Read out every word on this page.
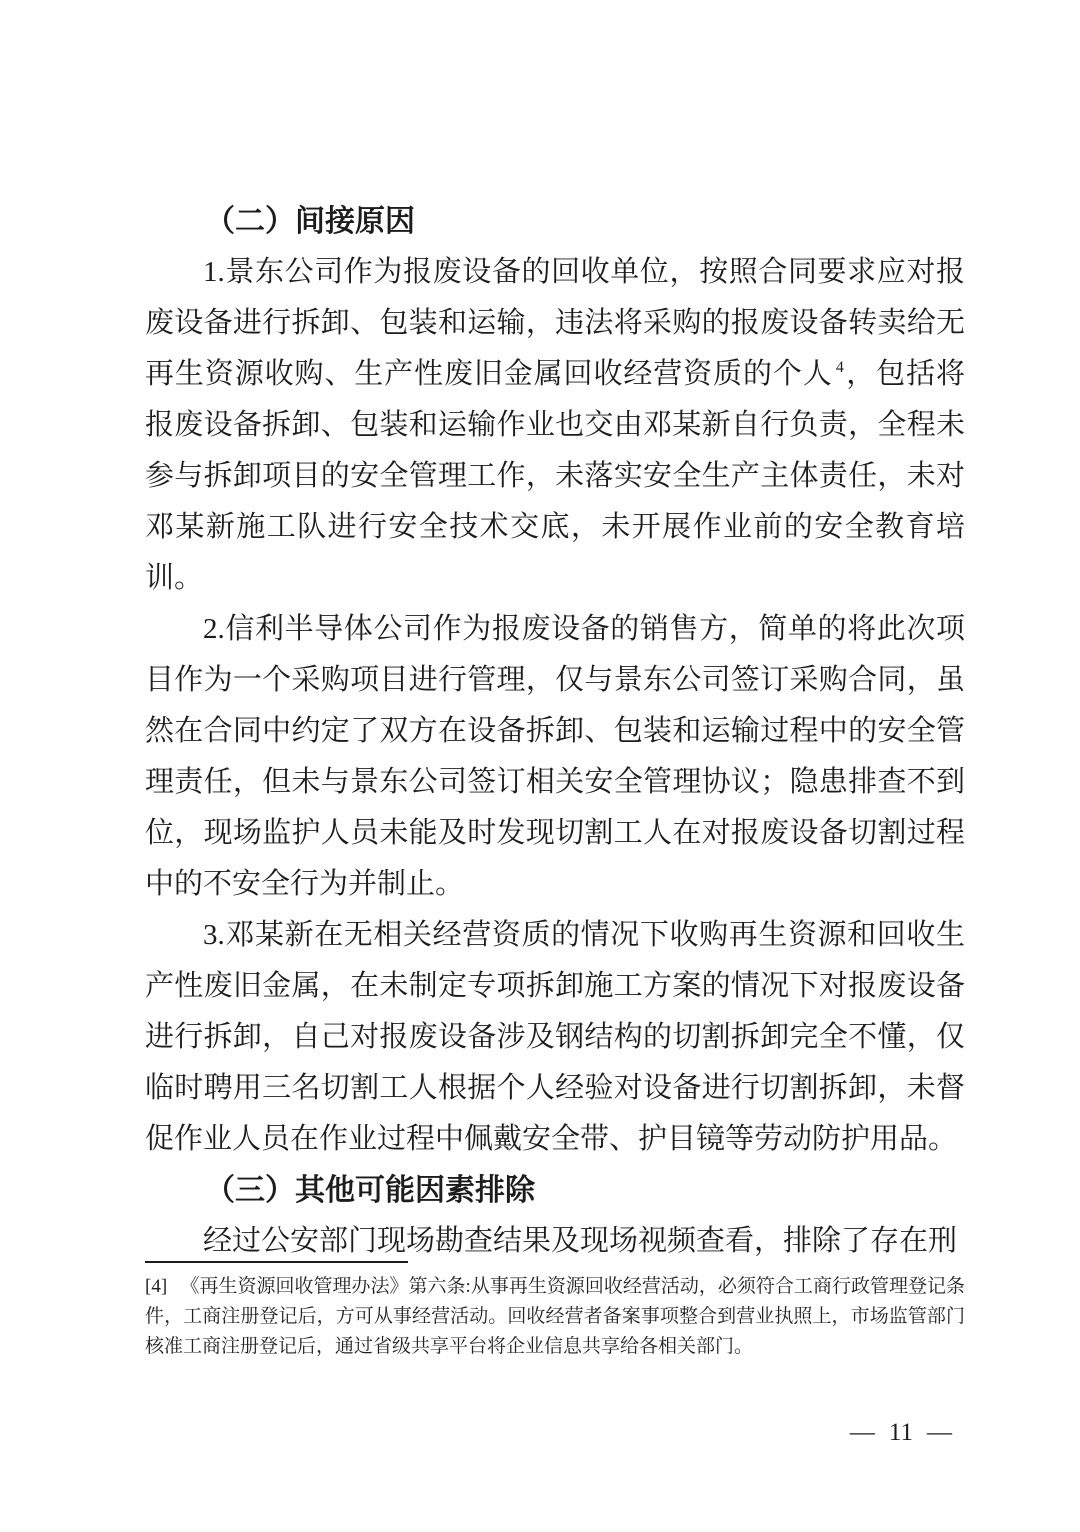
（二）间接原因

1.景东公司作为报废设备的回收单位，按照合同要求应对报废设备进行拆卸、包装和运输，违法将采购的报废设备转卖给无再生资源收购、生产性废旧金属回收经营资质的个人 $^4$，包括将报废设备拆卸、包装和运输作业也交由邓某新自行负责，全程未参与拆卸项目的安全管理工作，未落实安全生产主体责任，未对邓某新施工队进行安全技术交底，未开展作业前的安全教育培训。

2.信利半导体公司作为报废设备的销售方，简单的将此次项目作为一个采购项目进行管理，仅与景东公司签订采购合同，虽然在合同中约定了双方在设备拆卸、包装和运输过程中的安全管理责任，但未与景东公司签订相关安全管理协议；隐患排查不到位，现场监护人员未能及时发现切割工人在对报废设备切割过程中的不安全行为并制止。

3.邓某新在无相关经营资质的情况下收购再生资源和回收生产性废旧金属，在未制定专项拆卸施工方案的情况下对报废设备进行拆卸，自己对报废设备涉及钢结构的切割拆卸完全不懂，仅临时聘用三名切割工人根据个人经验对设备进行切割拆卸，未督促作业人员在作业过程中佩戴安全带、护目镜等劳动防护用品。

（三）其他可能因素排除

经过公安部门现场勘查结果及现场视频查看，排除了存在刑

[4] 《再生资源回收管理办法》第六条:从事再生资源回收经营活动，必须符合工商行政管理登记条件，工商注册登记后，方可从事经营活动。回收经营者备案事项整合到营业执照上，市场监管部门核准工商注册登记后，通过省级共享平台将企业信息共享给各相关部门。

— 11 —
